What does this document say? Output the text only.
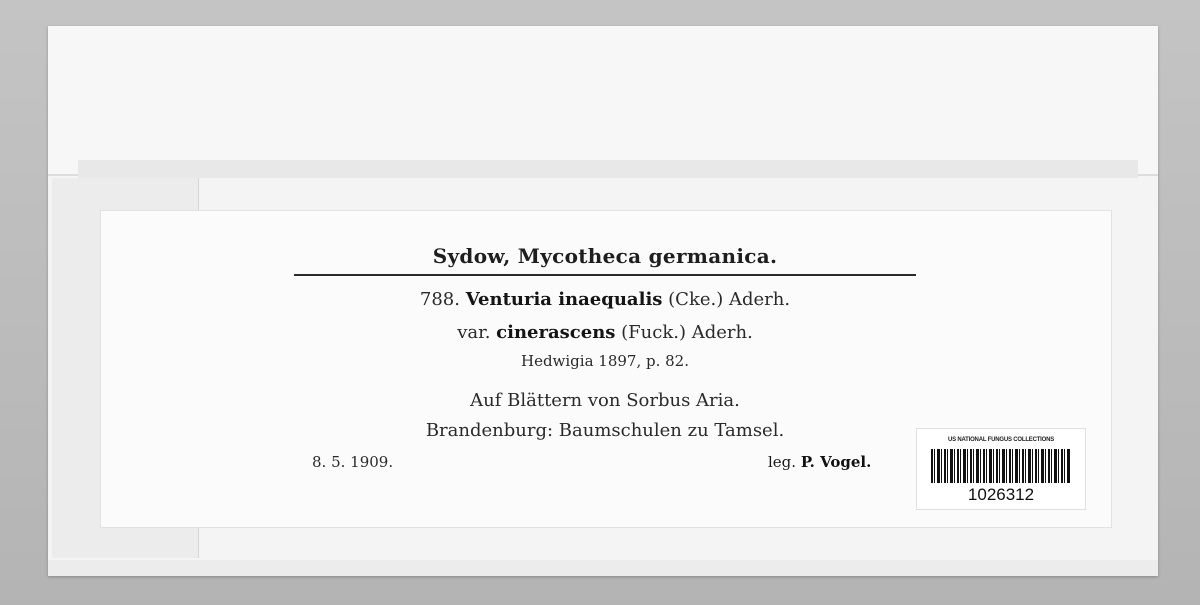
Sydow, Mycotheca germanica.
788. Venturia inaequalis (Cke.) Aderh.
var. cinerascens (Fuck.) Aderh.
Hedwigia 1897, p. 82.
Auf Blättern von Sorbus Aria.
Brandenburg: Baumschulen zu Tamsel.
8. 5. 1909.	leg. P. Vogel.
US NATIONAL FUNGUS COLLECTIONS
1026312
